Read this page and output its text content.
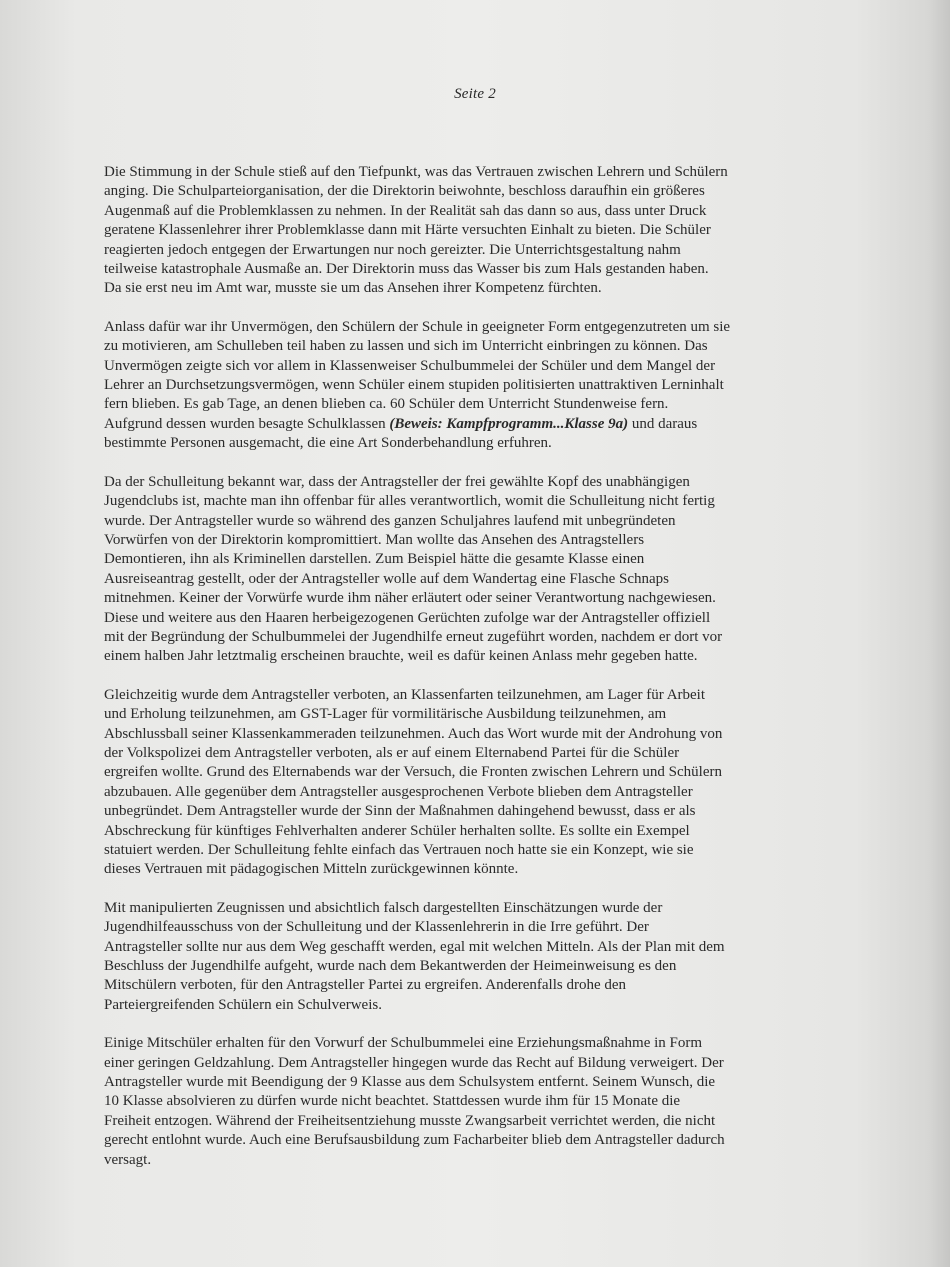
Seite 2

Die Stimmung in der Schule stieß auf den Tiefpunkt, was das Vertrauen zwischen Lehrern und Schülern
anging. Die Schulparteiorganisation, der die Direktorin beiwohnte, beschloss daraufhin ein größeres
Augenmaß auf die Problemklassen zu nehmen. In der Realität sah das dann so aus, dass unter Druck
geratene Klassenlehrer ihrer Problemklasse dann mit Härte versuchten Einhalt zu bieten. Die Schüler
reagierten jedoch entgegen der Erwartungen nur noch gereizter. Die Unterrichtsgestaltung nahm
teilweise katastrophale Ausmaße an. Der Direktorin muss das Wasser bis zum Hals gestanden haben.
Da sie erst neu im Amt war, musste sie um das Ansehen ihrer Kompetenz fürchten.

Anlass dafür war ihr Unvermögen, den Schülern der Schule in geeigneter Form entgegenzutreten um sie
zu motivieren, am Schulleben teil haben zu lassen und sich im Unterricht einbringen zu können. Das
Unvermögen zeigte sich vor allem in Klassenweiser Schulbummelei der Schüler und dem Mangel der
Lehrer an Durchsetzungsvermögen, wenn Schüler einem stupiden politisierten unattraktiven Lerninhalt
fern blieben. Es gab Tage, an denen blieben ca. 60 Schüler dem Unterricht Stundenweise fern.
Aufgrund dessen wurden besagte Schulklassen (Beweis: Kampfprogramm...Klasse 9a) und daraus
bestimmte Personen ausgemacht, die eine Art Sonderbehandlung erfuhren.

Da der Schulleitung bekannt war, dass der Antragsteller der frei gewählte Kopf des unabhängigen
Jugendclubs ist, machte man ihn offenbar für alles verantwortlich, womit die Schulleitung nicht fertig
wurde. Der Antragsteller wurde so während des ganzen Schuljahres laufend mit unbegründeten
Vorwürfen von der Direktorin kompromittiert. Man wollte das Ansehen des Antragstellers
Demontieren, ihn als Kriminellen darstellen. Zum Beispiel hätte die gesamte Klasse einen
Ausreiseantrag gestellt, oder der Antragsteller wolle auf dem Wandertag eine Flasche Schnaps
mitnehmen. Keiner der Vorwürfe wurde ihm näher erläutert oder seiner Verantwortung nachgewiesen.
Diese und weitere aus den Haaren herbeigezogenen Gerüchten zufolge war der Antragsteller offiziell
mit der Begründung der Schulbummelei der Jugendhilfe erneut zugeführt worden, nachdem er dort vor
einem halben Jahr letztmalig erscheinen brauchte, weil es dafür keinen Anlass mehr gegeben hatte.

Gleichzeitig wurde dem Antragsteller verboten, an Klassenfarten teilzunehmen, am Lager für Arbeit
und Erholung teilzunehmen, am GST-Lager für vormilitärische Ausbildung teilzunehmen, am
Abschlussball seiner Klassenkammeraden teilzunehmen. Auch das Wort wurde mit der Androhung von
der Volkspolizei dem Antragsteller verboten, als er auf einem Elternabend Partei für die Schüler
ergreifen wollte. Grund des Elternabends war der Versuch, die Fronten zwischen Lehrern und Schülern
abzubauen. Alle gegenüber dem Antragsteller ausgesprochenen Verbote blieben dem Antragsteller
unbegründet. Dem Antragsteller wurde der Sinn der Maßnahmen dahingehend bewusst, dass er als
Abschreckung für künftiges Fehlverhalten anderer Schüler herhalten sollte. Es sollte ein Exempel
statuiert werden. Der Schulleitung fehlte einfach das Vertrauen noch hatte sie ein Konzept, wie sie
dieses Vertrauen mit pädagogischen Mitteln zurückgewinnen könnte.

Mit manipulierten Zeugnissen und absichtlich falsch dargestellten Einschätzungen wurde der
Jugendhilfeausschuss von der Schulleitung und der Klassenlehrerin in die Irre geführt. Der
Antragsteller sollte nur aus dem Weg geschafft werden, egal mit welchen Mitteln. Als der Plan mit dem
Beschluss der Jugendhilfe aufgeht, wurde nach dem Bekantwerden der Heimeinweisung es den
Mitschülern verboten, für den Antragsteller Partei zu ergreifen. Anderenfalls drohe den
Parteiergreifenden Schülern ein Schulverweis.

Einige Mitschüler erhalten für den Vorwurf der Schulbummelei eine Erziehungsmaßnahme in Form
einer geringen Geldzahlung. Dem Antragsteller hingegen wurde das Recht auf Bildung verweigert. Der
Antragsteller wurde mit Beendigung der 9 Klasse aus dem Schulsystem entfernt. Seinem Wunsch, die
10 Klasse absolvieren zu dürfen wurde nicht beachtet. Stattdessen wurde ihm für 15 Monate die
Freiheit entzogen. Während der Freiheitsentziehung musste Zwangsarbeit verrichtet werden, die nicht
gerecht entlohnt wurde. Auch eine Berufsausbildung zum Facharbeiter blieb dem Antragsteller dadurch
versagt.
